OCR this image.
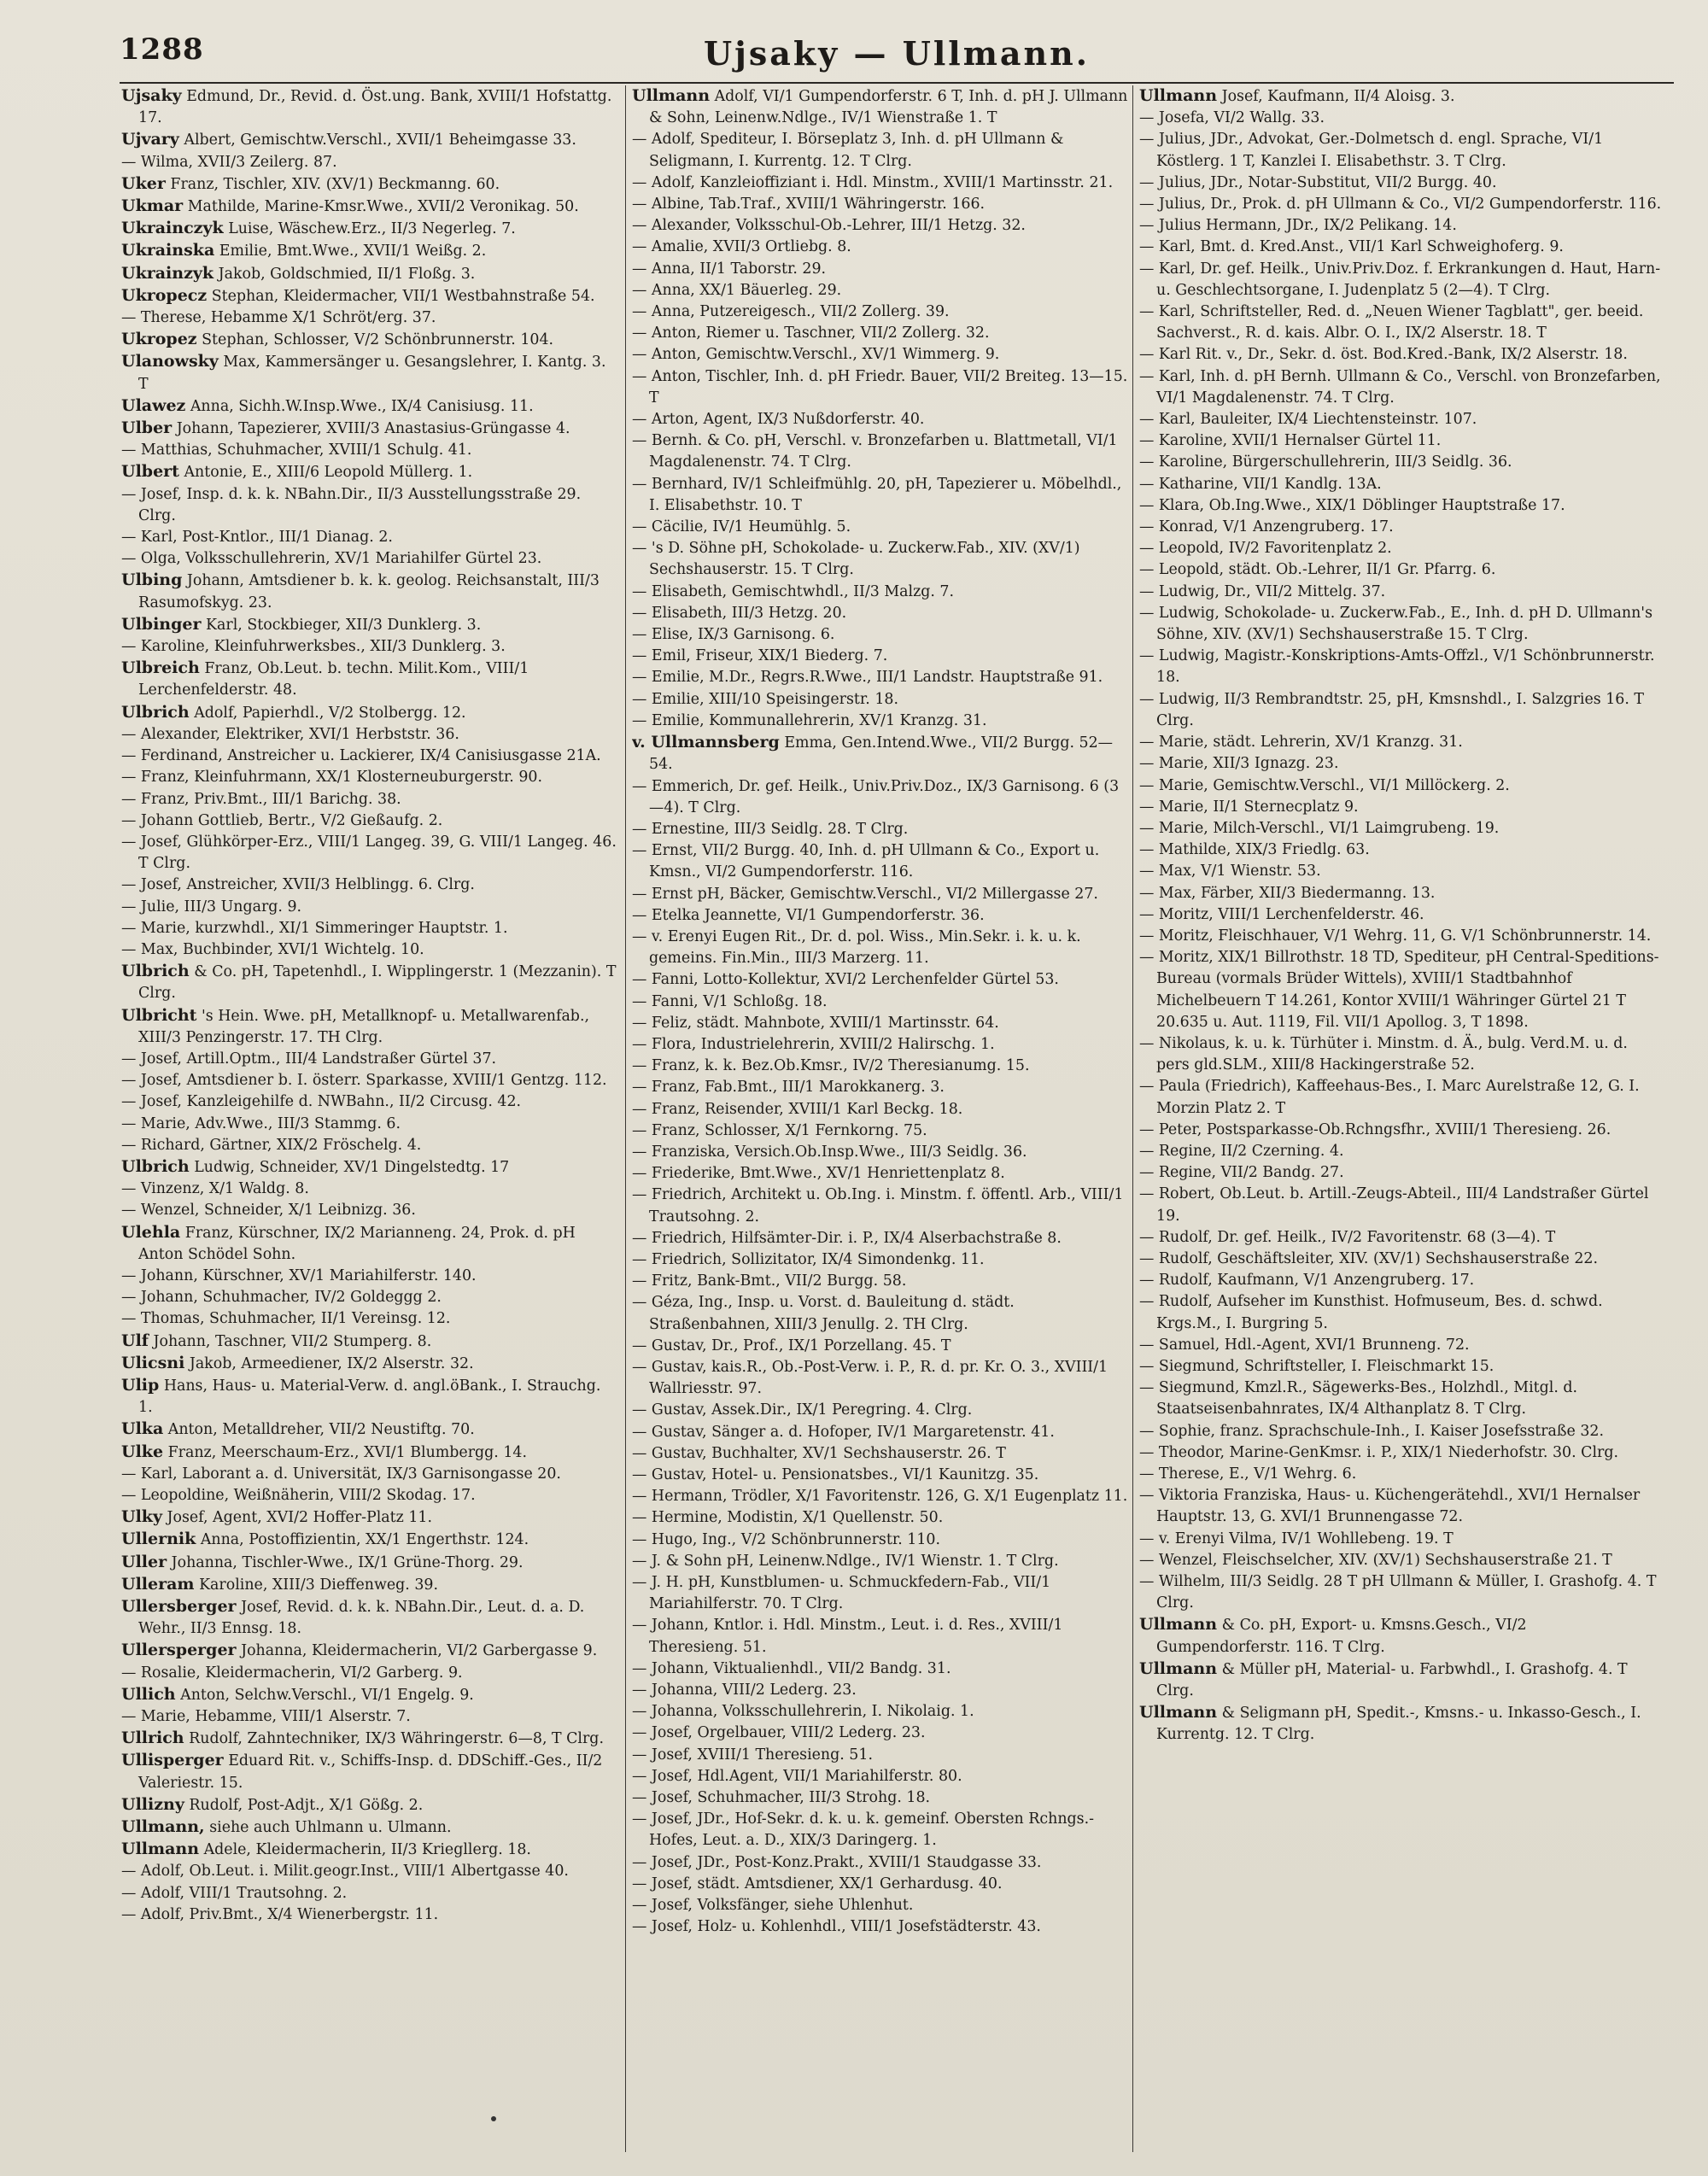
1288	Ujsaky — Ullmann.
Ujsaky Edmund, Dr., Revid. d. Öst.ung. Bank, XVIII/1 Hofstattg. 17.
Ujvary Albert, Gemischtw.Verschl., XVII/1 Beheimgasse 33.
— Wilma, XVII/3 Zeilerg. 87.
Uker Franz, Tischler, XIV. (XV/1) Beckmanng. 60.
Ukmar Mathilde, Marine-Kmsr.Wwe., XVII/2 Veronikag. 50.
Ukrainczyk Luise, Wäschew.Erz., II/3 Negerleg. 7.
Ukrainska Emilie, Bmt.Wwe., XVII/1 Weißg. 2.
Ukrainzyk Jakob, Goldschmied, II/1 Floßg. 3.
Ukropecz Stephan, Kleidermacher, VII/1 Westbahnstraße 54.
— Therese, Hebamme X/1 Schröt/erg. 37.
Ukropez Stephan, Schlosser, V/2 Schönbrunnerstr. 104.
Ulanowsky Max, Kammersänger u. Gesangslehrer, I. Kantg. 3. T
Ulawez Anna, Sichh.W.Insp.Wwe., IX/4 Canisiusg. 11.
Ulber Johann, Tapezierer, XVIII/3 Anastasius-Grüngasse 4.
— Matthias, Schuhmacher, XVIII/1 Schulg. 41.
Ulbert Antonie, E., XIII/6 Leopold Müllerg. 1.
— Josef, Insp. d. k. k. NBahn.Dir., II/3 Ausstellungsstraße 29. Clrg.
— Karl, Post-Kntlor., III/1 Dianag. 2.
— Olga, Volksschullehrerin, XV/1 Mariahilfer Gürtel 23.
Ulbing Johann, Amtsdiener b. k. k. geolog. Reichsanstalt, III/3 Rasumofskyg. 23.
Ulbinger Karl, Stockbieger, XII/3 Dunklerg. 3.
— Karoline, Kleinfuhrwerksbes., XII/3 Dunklerg. 3.
Ulbreich Franz, Ob.Leut. b. techn. Milit.Kom., VIII/1 Lerchenfelderstr. 48.
Ulbrich Adolf, Papierhdl., V/2 Stolbergg. 12.
— Alexander, Elektriker, XVI/1 Herbststr. 36.
— Ferdinand, Anstreicher u. Lackierer, IX/4 Canisiusgasse 21A.
— Franz, Kleinfuhrmann, XX/1 Klosterneuburgerstr. 90.
— Franz, Priv.Bmt., III/1 Barichg. 38.
— Johann Gottlieb, Bertr., V/2 Gießaufg. 2.
— Josef, Glühkörper-Erz., VIII/1 Langeg. 39, G. VIII/1 Langeg. 46. T Clrg.
— Josef, Anstreicher, XVII/3 Helblingg. 6. Clrg.
— Julie, III/3 Ungarg. 9.
— Marie, kurzwhdl., XI/1 Simmeringer Hauptstr. 1.
— Max, Buchbinder, XVI/1 Wichtelg. 10.
Ulbrich & Co. pH, Tapetenhdl., I. Wipplingerstr. 1 (Mezzanin). T Clrg.
Ulbricht 's Hein. Wwe. pH, Metallknopf- u. Metallwarenfab., XIII/3 Penzingerstr. 17. TH Clrg.
— Josef, Artill.Optm., III/4 Landstraßer Gürtel 37.
— Josef, Amtsdiener b. I. österr. Sparkasse, XVIII/1 Gentzg. 112.
— Josef, Kanzleigehilfe d. NWBahn., II/2 Circusg. 42.
— Marie, Adv.Wwe., III/3 Stammg. 6.
— Richard, Gärtner, XIX/2 Fröschelg. 4.
Ulbrich Ludwig, Schneider, XV/1 Dingelstedtg. 17
— Vinzenz, X/1 Waldg. 8.
— Wenzel, Schneider, X/1 Leibnizg. 36.
Ulehla Franz, Kürschner, IX/2 Marianneng. 24, Prok. d. pH Anton Schödel Sohn.
— Johann, Kürschner, XV/1 Mariahilferstr. 140.
— Johann, Schuhmacher, IV/2 Goldeggg 2.
— Thomas, Schuhmacher, II/1 Vereinsg. 12.
Ulf Johann, Taschner, VII/2 Stumperg. 8.
Ulicsni Jakob, Armeediener, IX/2 Alserstr. 32.
Ulip Hans, Haus- u. Material-Verw. d. angl.öBank., I. Strauchg. 1.
Ulka Anton, Metalldreher, VII/2 Neustiftg. 70.
Ulke Franz, Meerschaum-Erz., XVI/1 Blumbergg. 14.
— Karl, Laborant a. d. Universität, IX/3 Garnisongasse 20.
— Leopoldine, Weißnäherin, VIII/2 Skodag. 17.
Ulky Josef, Agent, XVI/2 Hoffer-Platz 11.
Ullernik Anna, Postoffizientin, XX/1 Engerthstr. 124.
Uller Johanna, Tischler-Wwe., IX/1 Grüne-Thorg. 29.
Ulleram Karoline, XIII/3 Dieffenweg. 39.
Ullersberger Josef, Revid. d. k. k. NBahn.Dir., Leut. d. a. D. Wehr., II/3 Ennsg. 18.
Ullersperger Johanna, Kleidermacherin, VI/2 Garbergasse 9.
— Rosalie, Kleidermacherin, VI/2 Garberg. 9.
Ullich Anton, Selchw.Verschl., VI/1 Engelg. 9.
— Marie, Hebamme, VIII/1 Alserstr. 7.
Ullrich Rudolf, Zahntechniker, IX/3 Währingerstr. 6—8, T Clrg.
Ullisperger Eduard Rit. v., Schiffs-Insp. d. DDSchiff.-Ges., II/2 Valeriestr. 15.
Ullizny Rudolf, Post-Adjt., X/1 Gößg. 2.
Ullmann, siehe auch Uhlmann u. Ulmann.
Ullmann Adele, Kleidermacherin, II/3 Kriegllerg. 18.
— Adolf, Ob.Leut. i. Milit.geogr.Inst., VIII/1 Albertgasse 40.
— Adolf, VIII/1 Trautsohng. 2.
— Adolf, Priv.Bmt., X/4 Wienerbergstr. 11.
Ullmann Adolf, VI/1 Gumpendorferstr. 6 T, Inh. d. pH J. Ullmann & Sohn, Leinenw.Ndlge., IV/1 Wienstraße 1. T
— Adolf, Spediteur, I. Börseplatz 3, Inh. d. pH Ullmann & Seligmann, I. Kurrentg. 12. T Clrg.
— Adolf, Kanzleioffiziant i. Hdl. Minstm., XVIII/1 Martinsstr. 21.
— Albine, Tab.Traf., XVIII/1 Währingerstr. 166.
— Alexander, Volksschul-Ob.-Lehrer, III/1 Hetzg. 32.
— Amalie, XVII/3 Ortliebg. 8.
— Anna, II/1 Taborstr. 29.
— Anna, XX/1 Bäuerleg. 29.
— Anna, Putzereigesch., VII/2 Zollerg. 39.
— Anton, Riemer u. Taschner, VII/2 Zollerg. 32.
— Anton, Gemischtw.Verschl., XV/1 Wimmerg. 9.
— Anton, Tischler, Inh. d. pH Friedr. Bauer, VII/2 Breiteg. 13—15. T
— Arton, Agent, IX/3 Nußdorferstr. 40.
— Bernh. & Co. pH, Verschl. v. Bronzefarben u. Blattmetall, VI/1 Magdalenenstr. 74. T Clrg.
— Bernhard, IV/1 Schleifmühlg. 20, pH, Tapezierer u. Möbelhdl., I. Elisabethstr. 10. T
— Cäcilie, IV/1 Heumühlg. 5.
— 's D. Söhne pH, Schokolade- u. Zuckerw.Fab., XIV. (XV/1) Sechshauserstr. 15. T Clrg.
— Elisabeth, Gemischtwhdl., II/3 Malzg. 7.
— Elisabeth, III/3 Hetzg. 20.
— Elise, IX/3 Garnisong. 6.
— Emil, Friseur, XIX/1 Biederg. 7.
— Emilie, M.Dr., Regrs.R.Wwe., III/1 Landstr. Hauptstraße 91.
— Emilie, XIII/10 Speisingerstr. 18.
— Emilie, Kommunallehrerin, XV/1 Kranzg. 31.
v. Ullmannsberg Emma, Gen.Intend.Wwe., VII/2 Burgg. 52—54.
— Emmerich, Dr. gef. Heilk., Univ.Priv.Doz., IX/3 Garnisong. 6 (3—4). T Clrg.
— Ernestine, III/3 Seidlg. 28. T Clrg.
— Ernst, VII/2 Burgg. 40, Inh. d. pH Ullmann & Co., Export u. Kmsn., VI/2 Gumpendorferstr. 116.
— Ernst pH, Bäcker, Gemischtw.Verschl., VI/2 Millergasse 27.
— Etelka Jeannette, VI/1 Gumpendorferstr. 36.
— v. Erenyi Eugen Rit., Dr. d. pol. Wiss., Min.Sekr. i. k. u. k. gemeins. Fin.Min., III/3 Marzerg. 11.
— Fanni, Lotto-Kollektur, XVI/2 Lerchenfelder Gürtel 53.
— Fanni, V/1 Schloßg. 18.
— Feliz, städt. Mahnbote, XVIII/1 Martinsstr. 64.
— Flora, Industrielehrerin, XVIII/2 Halirschg. 1.
— Franz, k. k. Bez.Ob.Kmsr., IV/2 Theresianumg. 15.
— Franz, Fab.Bmt., III/1 Marokkanerg. 3.
— Franz, Reisender, XVIII/1 Karl Beckg. 18.
— Franz, Schlosser, X/1 Fernkorng. 75.
— Franziska, Versich.Ob.Insp.Wwe., III/3 Seidlg. 36.
— Friederike, Bmt.Wwe., XV/1 Henriettenplatz 8.
— Friedrich, Architekt u. Ob.Ing. i. Minstm. f. öffentl. Arb., VIII/1 Trautsohng. 2.
— Friedrich, Hilfsämter-Dir. i. P., IX/4 Alserbachstraße 8.
— Friedrich, Sollizitator, IX/4 Simondenkg. 11.
— Fritz, Bank-Bmt., VII/2 Burgg. 58.
— Géza, Ing., Insp. u. Vorst. d. Bauleitung d. städt. Straßenbahnen, XIII/3 Jenullg. 2. TH Clrg.
— Gustav, Dr., Prof., IX/1 Porzellang. 45. T
— Gustav, kais.R., Ob.-Post-Verw. i. P., R. d. pr. Kr. O. 3., XVIII/1 Wallriesstr. 97.
— Gustav, Assek.Dir., IX/1 Peregring. 4. Clrg.
— Gustav, Sänger a. d. Hofoper, IV/1 Margaretenstr. 41.
— Gustav, Buchhalter, XV/1 Sechshauserstr. 26. T
— Gustav, Hotel- u. Pensionatsbes., VI/1 Kaunitzg. 35.
— Hermann, Trödler, X/1 Favoritenstr. 126, G. X/1 Eugenplatz 11.
— Hermine, Modistin, X/1 Quellenstr. 50.
— Hugo, Ing., V/2 Schönbrunnerstr. 110.
— J. & Sohn pH, Leinenw.Ndlge., IV/1 Wienstr. 1. T Clrg.
— J. H. pH, Kunstblumen- u. Schmuckfedern-Fab., VII/1 Mariahilferstr. 70. T Clrg.
— Johann, Kntlor. i. Hdl. Minstm., Leut. i. d. Res., XVIII/1 Theresieng. 51.
— Johann, Viktualienhdl., VII/2 Bandg. 31.
— Johanna, VIII/2 Lederg. 23.
— Johanna, Volksschullehrerin, I. Nikolaig. 1.
— Josef, Orgelbauer, VIII/2 Lederg. 23.
— Josef, XVIII/1 Theresieng. 51.
— Josef, Hdl.Agent, VII/1 Mariahilferstr. 80.
— Josef, Schuhmacher, III/3 Strohg. 18.
— Josef, JDr., Hof-Sekr. d. k. u. k. gemeinf. Obersten Rchngs.-Hofes, Leut. a. D., XIX/3 Daringerg. 1.
— Josef, JDr., Post-Konz.Prakt., XVIII/1 Staudgasse 33.
— Josef, städt. Amtsdiener, XX/1 Gerhardusg. 40.
— Josef, Volksfänger, siehe Uhlenhut.
— Josef, Holz- u. Kohlenhdl., VIII/1 Josefstädterstr. 43.
Ullmann Josef, Kaufmann, II/4 Aloisg. 3.
— Josefa, VI/2 Wallg. 33.
— Julius, JDr., Advokat, Ger.-Dolmetsch d. engl. Sprache, VI/1 Köstlerg. 1 T, Kanzlei I. Elisabethstr. 3. T Clrg.
— Julius, JDr., Notar-Substitut, VII/2 Burgg. 40.
— Julius, Dr., Prok. d. pH Ullmann & Co., VI/2 Gumpendorferstr. 116.
— Julius Hermann, JDr., IX/2 Pelikang. 14.
— Karl, Bmt. d. Kred.Anst., VII/1 Karl Schweighoferg. 9.
— Karl, Dr. gef. Heilk., Univ.Priv.Doz. f. Erkrankungen d. Haut, Harn- u. Geschlechtsorgane, I. Judenplatz 5 (2—4). T Clrg.
— Karl, Schriftsteller, Red. d. „Neuen Wiener Tagblatt", ger. beeid. Sachverst., R. d. kais. Albr. O. I., IX/2 Alserstr. 18. T
— Karl Rit. v., Dr., Sekr. d. öst. Bod.Kred.-Bank, IX/2 Alserstr. 18.
— Karl, Inh. d. pH Bernh. Ullmann & Co., Verschl. von Bronzefarben, VI/1 Magdalenenstr. 74. T Clrg.
— Karl, Bauleiter, IX/4 Liechtensteinstr. 107.
— Karoline, XVII/1 Hernalser Gürtel 11.
— Karoline, Bürgerschullehrerin, III/3 Seidlg. 36.
— Katharine, VII/1 Kandlg. 13A.
— Klara, Ob.Ing.Wwe., XIX/1 Döblinger Hauptstraße 17.
— Konrad, V/1 Anzengruberg. 17.
— Leopold, IV/2 Favoritenplatz 2.
— Leopold, städt. Ob.-Lehrer, II/1 Gr. Pfarrg. 6.
— Ludwig, Dr., VII/2 Mittelg. 37.
— Ludwig, Schokolade- u. Zuckerw.Fab., E., Inh. d. pH D. Ullmann's Söhne, XIV. (XV/1) Sechshauserstraße 15. T Clrg.
— Ludwig, Magistr.-Konskriptions-Amts-Offzl., V/1 Schönbrunnerstr. 18.
— Ludwig, II/3 Rembrandtstr. 25, pH, Kmsnshdl., I. Salzgries 16. T Clrg.
— Marie, städt. Lehrerin, XV/1 Kranzg. 31.
— Marie, XII/3 Ignazg. 23.
— Marie, Gemischtw.Verschl., VI/1 Millöckerg. 2.
— Marie, II/1 Sternecplatz 9.
— Marie, Milch-Verschl., VI/1 Laimgrubeng. 19.
— Mathilde, XIX/3 Friedlg. 63.
— Max, V/1 Wienstr. 53.
— Max, Färber, XII/3 Biedermanng. 13.
— Moritz, VIII/1 Lerchenfelderstr. 46.
— Moritz, Fleischhauer, V/1 Wehrg. 11, G. V/1 Schönbrunnerstr. 14.
— Moritz, XIX/1 Billrothstr. 18 TD, Spediteur, pH Central-Speditions-Bureau (vormals Brüder Wittels), XVIII/1 Stadtbahnhof Michelbeuern T 14.261, Kontor XVIII/1 Währinger Gürtel 21 T 20.635 u. Aut. 1119, Fil. VII/1 Apollog. 3, T 1898.
— Nikolaus, k. u. k. Türhüter i. Minstm. d. Ä., bulg. Verd.M. u. d. pers gld.SLM., XIII/8 Hackingerstraße 52.
— Paula (Friedrich), Kaffeehaus-Bes., I. Marc Aurelstraße 12, G. I. Morzin Platz 2. T
— Peter, Postsparkasse-Ob.Rchngsfhr., XVIII/1 Theresieng. 26.
— Regine, II/2 Czerning. 4.
— Regine, VII/2 Bandg. 27.
— Robert, Ob.Leut. b. Artill.-Zeugs-Abteil., III/4 Landstraßer Gürtel 19.
— Rudolf, Dr. gef. Heilk., IV/2 Favoritenstr. 68 (3—4). T
— Rudolf, Geschäftsleiter, XIV. (XV/1) Sechshauserstraße 22.
— Rudolf, Kaufmann, V/1 Anzengruberg. 17.
— Rudolf, Aufseher im Kunsthist. Hofmuseum, Bes. d. schwd. Krgs.M., I. Burgring 5.
— Samuel, Hdl.-Agent, XVI/1 Brunneng. 72.
— Siegmund, Schriftsteller, I. Fleischmarkt 15.
— Siegmund, Kmzl.R., Sägewerks-Bes., Holzhdl., Mitgl. d. Staatseisenbahnrates, IX/4 Althanplatz 8. T Clrg.
— Sophie, franz. Sprachschule-Inh., I. Kaiser Josefsstraße 32.
— Theodor, Marine-GenKmsr. i. P., XIX/1 Niederhofstr. 30. Clrg.
— Therese, E., V/1 Wehrg. 6.
— Viktoria Franziska, Haus- u. Küchengerätehdl., XVI/1 Hernalser Hauptstr. 13, G. XVI/1 Brunnengasse 72.
— v. Erenyi Vilma, IV/1 Wohllebeng. 19. T
— Wenzel, Fleischselcher, XIV. (XV/1) Sechshauserstraße 21. T
— Wilhelm, III/3 Seidlg. 28 T pH Ullmann & Müller, I. Grashofg. 4. T Clrg.
Ullmann & Co. pH, Export- u. Kmsns.Gesch., VI/2 Gumpendorferstr. 116. T Clrg.
Ullmann & Müller pH, Material- u. Farbwhdl., I. Grashofg. 4. T Clrg.
Ullmann & Seligmann pH, Spedit.-, Kmsns.- u. Inkasso-Gesch., I. Kurrentg. 12. T Clrg.
